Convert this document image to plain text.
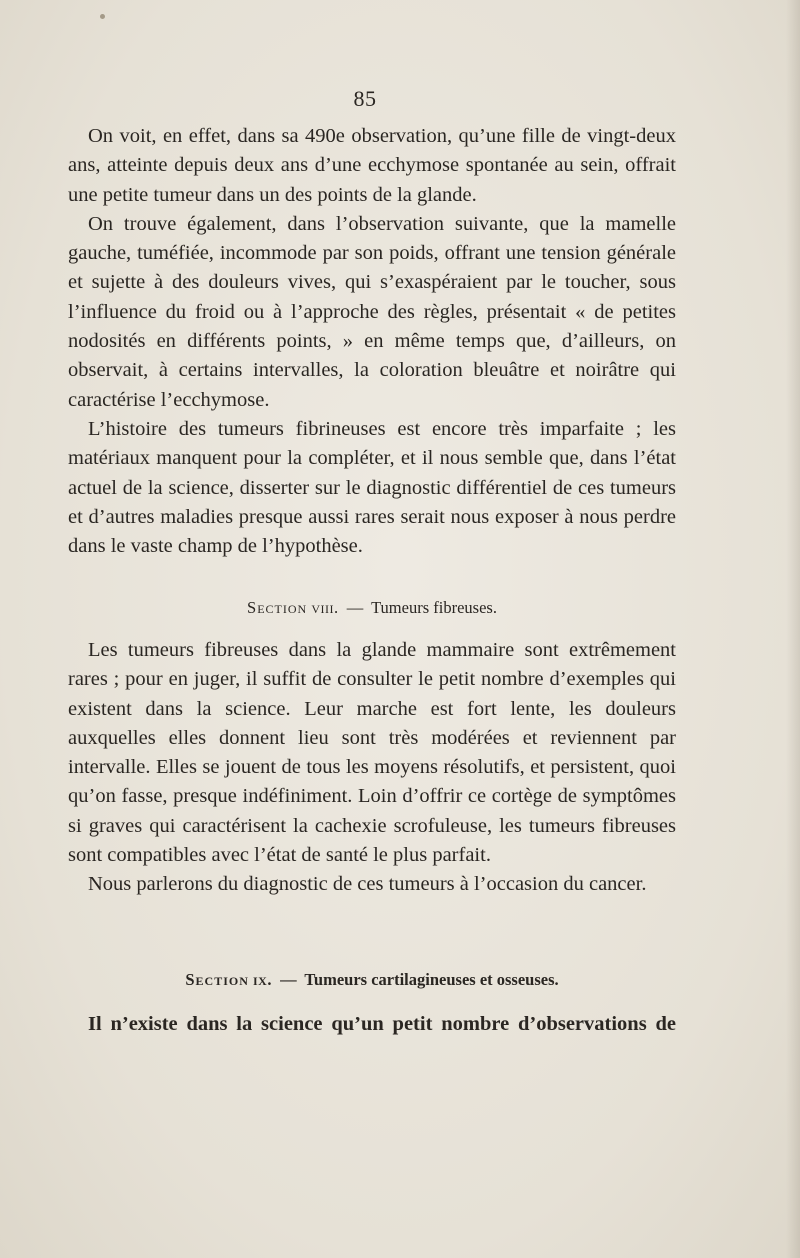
85

On voit, en effet, dans sa 490e observation, qu’une fille de vingt-deux ans, atteinte depuis deux ans d’une ecchymose spontanée au sein, offrait une petite tumeur dans un des points de la glande.

On trouve également, dans l’observation suivante, que la mamelle gauche, tuméfiée, incommode par son poids, offrant une tension générale et sujette à des douleurs vives, qui s’exaspéraient par le toucher, sous l’influence du froid ou à l’approche des règles, présentait « de petites nodosités en différents points, » en même temps que, d’ailleurs, on observait, à certains intervalles, la coloration bleuâtre et noirâtre qui caractérise l’ecchymose.

L’histoire des tumeurs fibrineuses est encore très imparfaite ; les matériaux manquent pour la compléter, et il nous semble que, dans l’état actuel de la science, disserter sur le diagnostic différentiel de ces tumeurs et d’autres maladies presque aussi rares serait nous exposer à nous perdre dans le vaste champ de l’hypothèse.

Section viii. — Tumeurs fibreuses.

Les tumeurs fibreuses dans la glande mammaire sont extrêmement rares ; pour en juger, il suffit de consulter le petit nombre d’exemples qui existent dans la science. Leur marche est fort lente, les douleurs auxquelles elles donnent lieu sont très modérées et reviennent par intervalle. Elles se jouent de tous les moyens résolutifs, et persistent, quoi qu’on fasse, presque indéfiniment. Loin d’offrir ce cortège de symptômes si graves qui caractérisent la cachexie scrofuleuse, les tumeurs fibreuses sont compatibles avec l’état de santé le plus parfait.

Nous parlerons du diagnostic de ces tumeurs à l’occasion du cancer.

Section ix. — Tumeurs cartilagineuses et osseuses.

Il n’existe dans la science qu’un petit nombre d’observations de
